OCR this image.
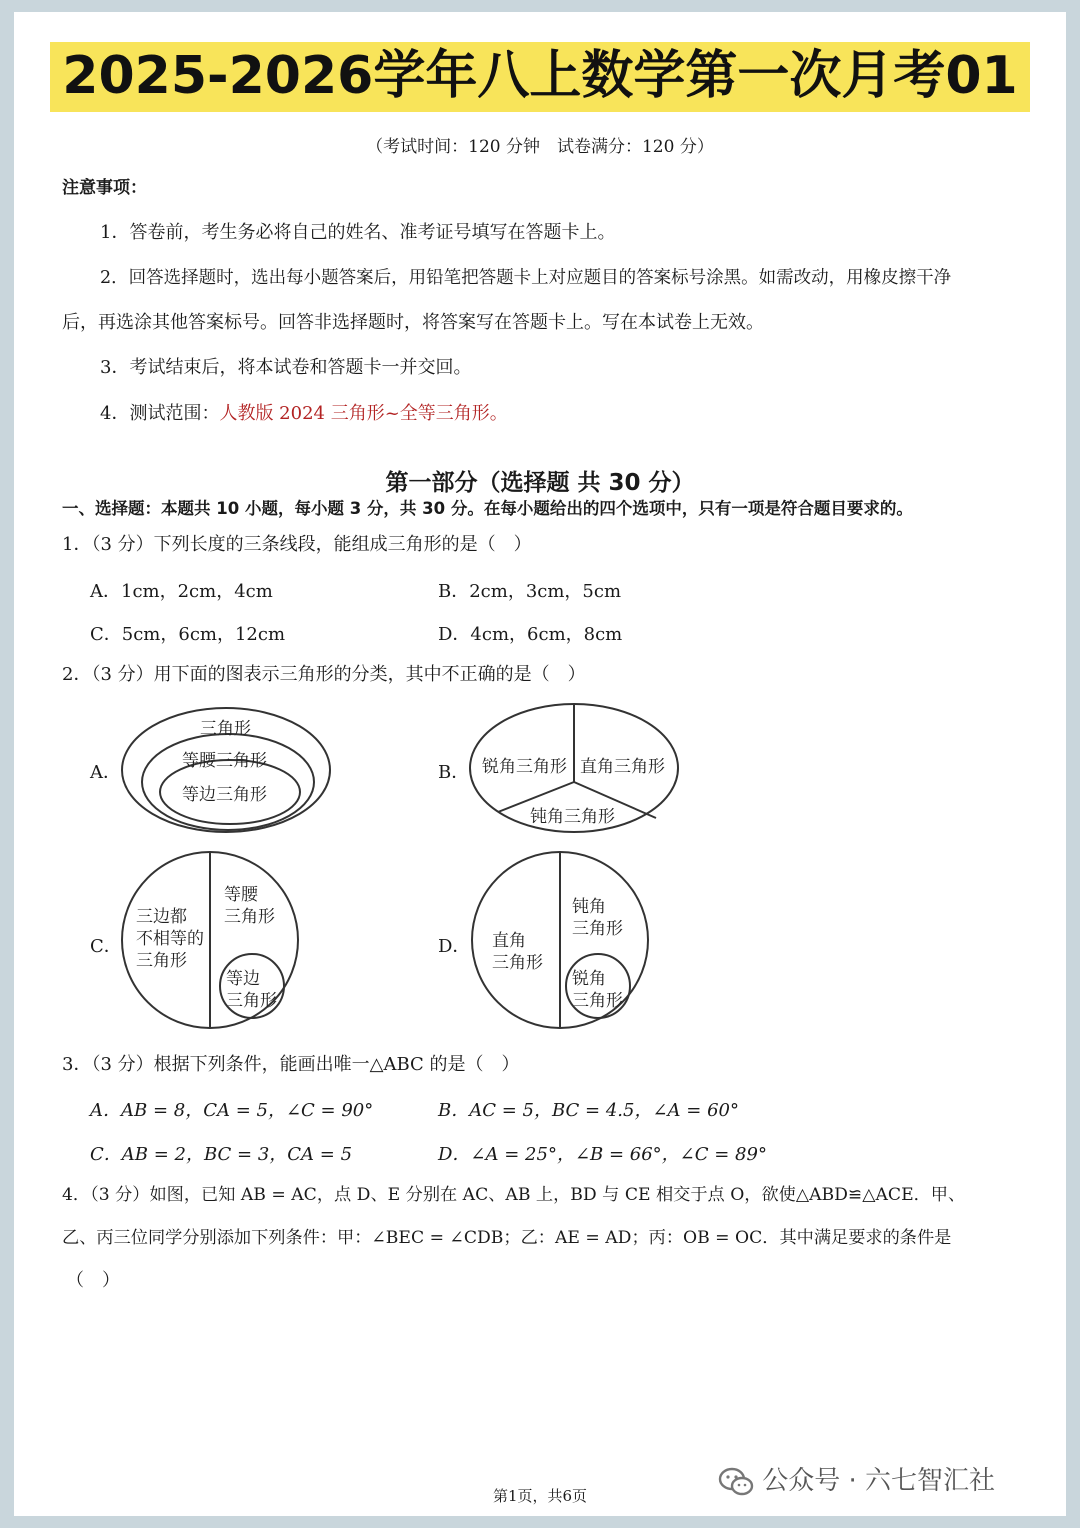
2025-2026学年八上数学第一次月考01
（考试时间：120 分钟　试卷满分：120 分）
注意事项：
1．答卷前，考生务必将自己的姓名、准考证号填写在答题卡上。
2．回答选择题时，选出每小题答案后，用铅笔把答题卡上对应题目的答案标号涂黑。如需改动，用橡皮擦干净
后，再选涂其他答案标号。回答非选择题时，将答案写在答题卡上。写在本试卷上无效。
3．考试结束后，将本试卷和答题卡一并交回。
4．测试范围：人教版 2024 三角形~全等三角形。
第一部分（选择题 共 30 分）
一、选择题：本题共 10 小题，每小题 3 分，共 30 分。在每小题给出的四个选项中，只有一项是符合题目要求的。
1．（3 分）下列长度的三条线段，能组成三角形的是（　）
A．1cm，2cm，4cm	B．2cm，3cm，5cm
C．5cm，6cm，12cm	D．4cm，6cm，8cm
2．（3 分）用下面的图表示三角形的分类，其中不正确的是（　）
A．
三角形
等腰三角形
等边三角形
B． 锐角三角形 直角三角形
钝角三角形
C．
三边都
不相等的
三角形
等腰
三角形
等边
三角形
D． 直角
三角形
钝角
三角形
锐角
三角形
3．（3 分）根据下列条件，能画出唯一△ABC 的是（　）
A．AB = 8，CA = 5，∠C = 90°	B．AC = 5，BC = 4.5，∠A = 60°
C．AB = 2，BC = 3，CA = 5	D．∠A = 25°，∠B = 66°，∠C = 89°
4．（3 分）如图，已知 AB = AC，点 D、E 分别在 AC、AB 上，BD 与 CE 相交于点 O，欲使△ABD≌△ACE．甲、
乙、丙三位同学分别添加下列条件：甲：∠BEC = ∠CDB；乙：AE = AD；丙：OB = OC．其中满足要求的条件是
（　）
第1页，共6页	公众号 · 六七智汇社
